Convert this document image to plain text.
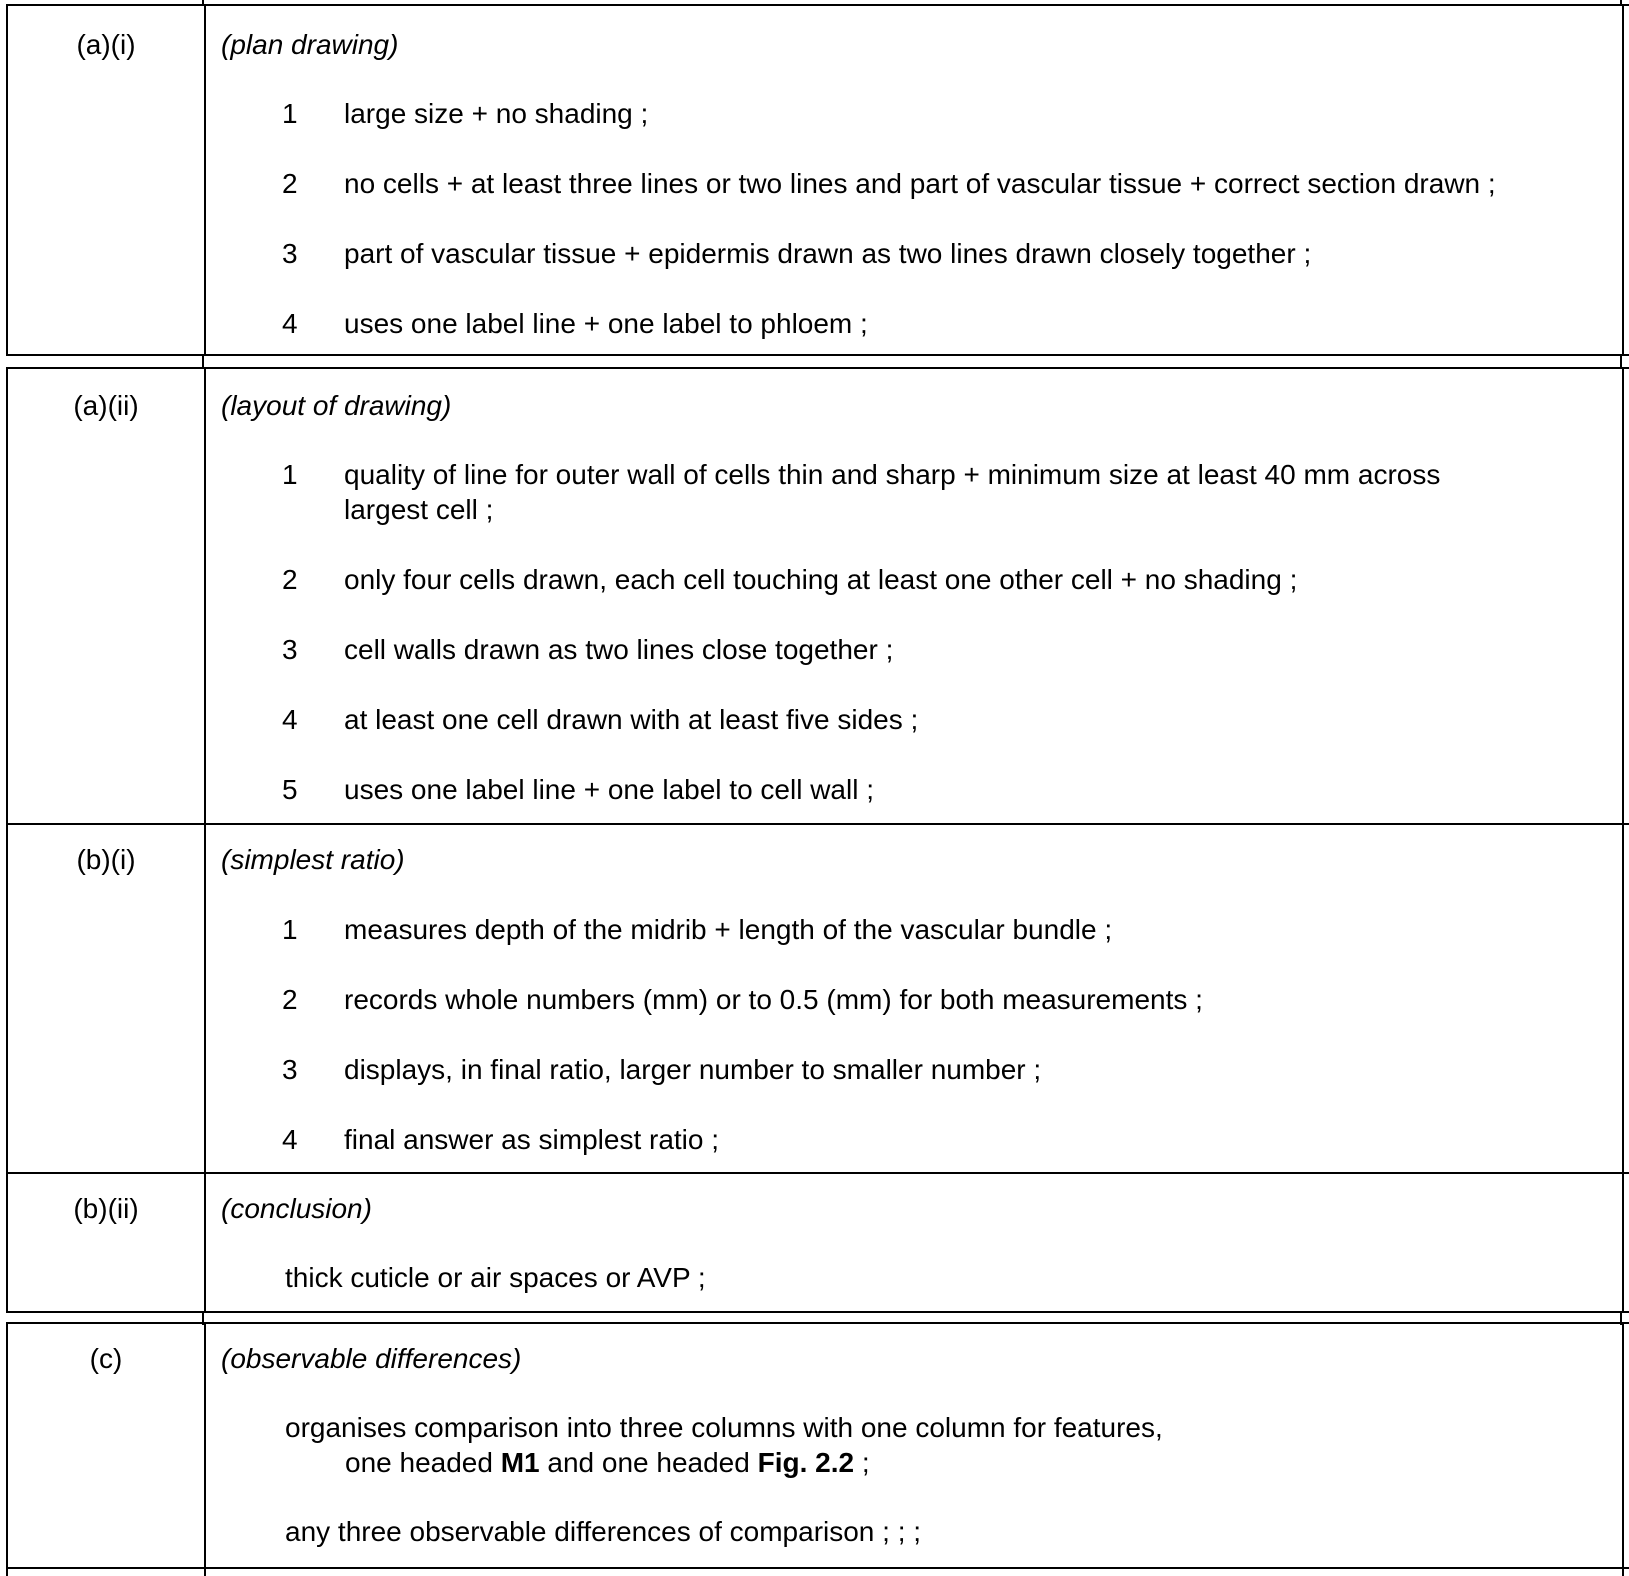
(a)(i)	(plan drawing)
1	large size + no shading ;
2	no cells + at least three lines or two lines and part of vascular tissue + correct section drawn ;
3	part of vascular tissue + epidermis drawn as two lines drawn closely together ;
4	uses one label line + one label to phloem ;
(a)(ii)	(layout of drawing)
1	quality of line for outer wall of cells thin and sharp + minimum size at least 40 mm across largest cell ;
2	only four cells drawn, each cell touching at least one other cell + no shading ;
3	cell walls drawn as two lines close together ;
4	at least one cell drawn with at least five sides ;
5	uses one label line + one label to cell wall ;
(b)(i)	(simplest ratio)
1	measures depth of the midrib + length of the vascular bundle ;
2	records whole numbers (mm) or to 0.5 (mm) for both measurements ;
3	displays, in final ratio, larger number to smaller number ;
4	final answer as simplest ratio ;
(b)(ii)	(conclusion)
thick cuticle or air spaces or AVP ;
(c)	(observable differences)
organises comparison into three columns with one column for features,
one headed M1 and one headed Fig. 2.2 ;
any three observable differences of comparison ; ; ;
